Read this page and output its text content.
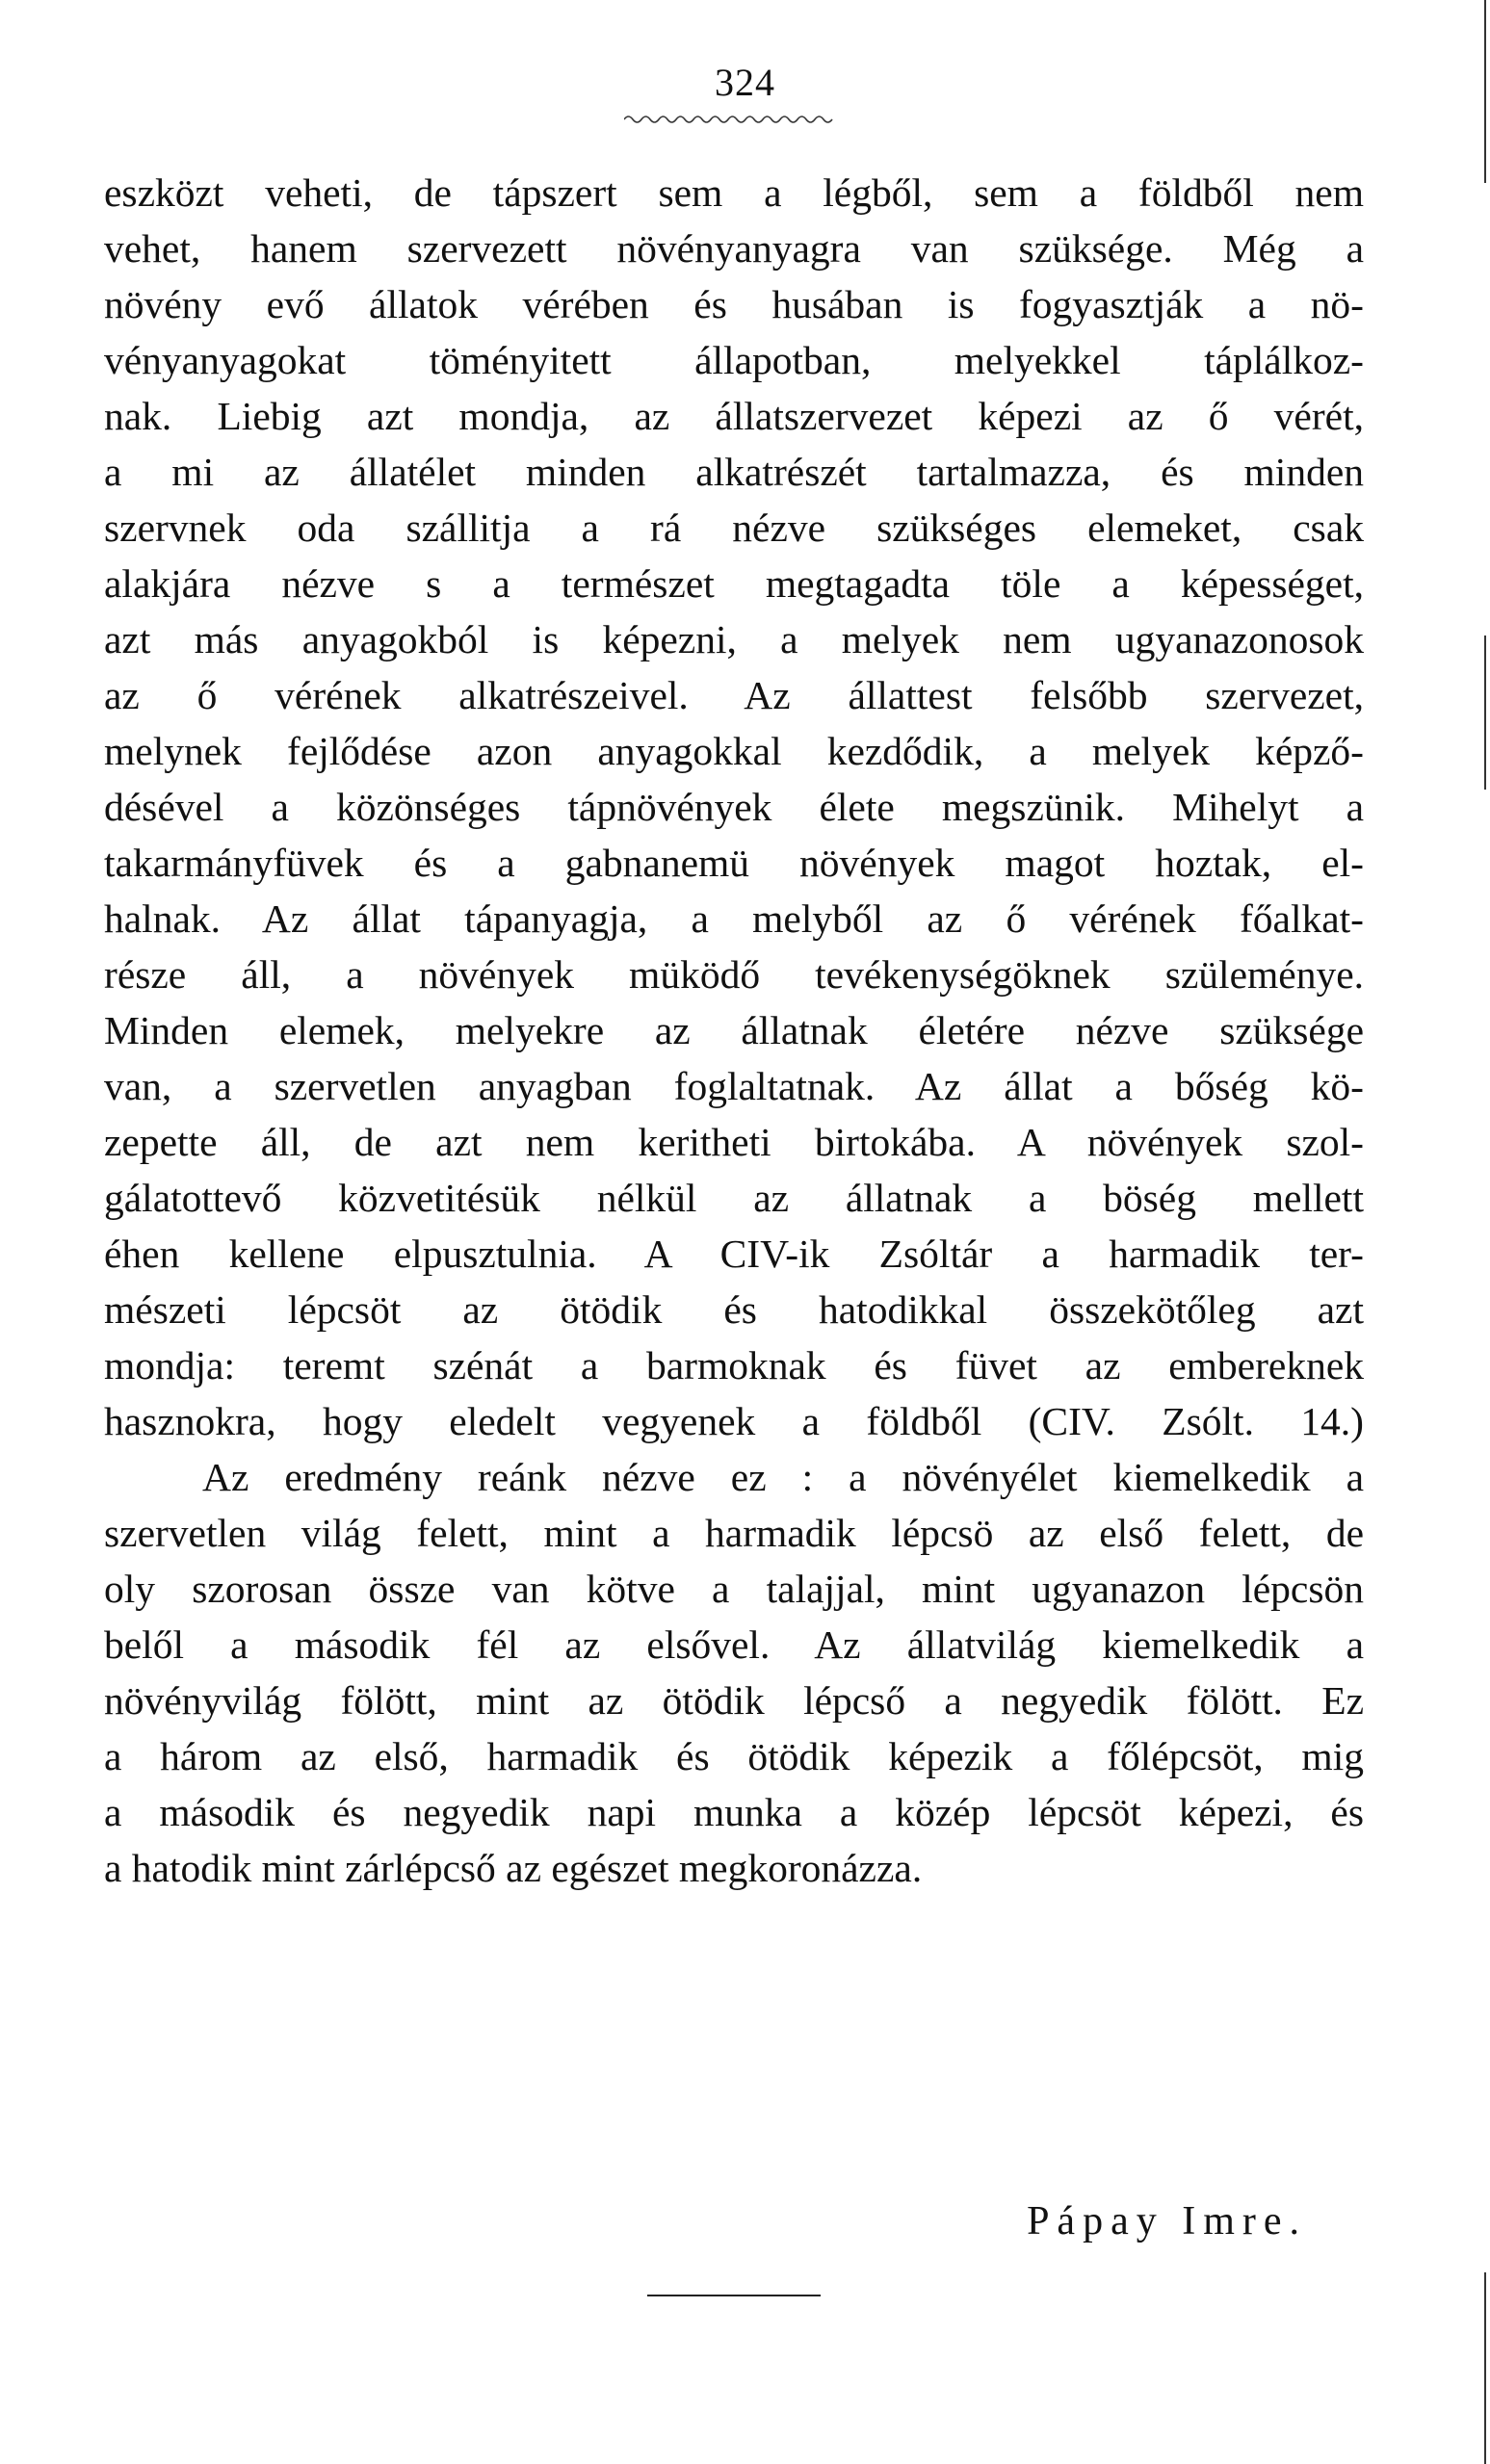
324
eszközt veheti, de tápszert sem a légből, sem a földből nem
vehet, hanem szervezett növényanyagra van szüksége. Még a
növény evő állatok vérében és husában is fogyasztják a nö-
vényanyagokat töményitett állapotban, melyekkel táplálkoz-
nak. Liebig azt mondja, az állatszervezet képezi az ő vérét,
a mi az állatélet minden alkatrészét tartalmazza, és minden
szervnek oda szállitja a rá nézve szükséges elemeket, csak
alakjára nézve s a természet megtagadta töle a képességet,
azt más anyagokból is képezni, a melyek nem ugyanazonosok
az ő vérének alkatrészeivel. Az állattest felsőbb szervezet,
melynek fejlődése azon anyagokkal kezdődik, a melyek képző-
désével a közönséges tápnövények élete megszünik. Mihelyt a
takarmányfüvek és a gabnanemü növények magot hoztak, el-
halnak. Az állat tápanyagja, a melyből az ő vérének főalkat-
része áll, a növények müködő tevékenységöknek szüleménye.
Minden elemek, melyekre az állatnak életére nézve szüksége
van, a szervetlen anyagban foglaltatnak. Az állat a bőség kö-
zepette áll, de azt nem keritheti birtokába. A növények szol-
gálatottevő közvetitésük nélkül az állatnak a böség mellett
éhen kellene elpusztulnia. A CIV-ik Zsóltár a harmadik ter-
mészeti lépcsöt az ötödik és hatodikkal összekötőleg azt
mondja: teremt szénát a barmoknak és füvet az embereknek
hasznokra, hogy eledelt vegyenek a földből (CIV. Zsólt. 14.)
Az eredmény reánk nézve ez : a növényélet kiemelkedik a
szervetlen világ felett, mint a harmadik lépcsö az első felett, de
oly szorosan össze van kötve a talajjal, mint ugyanazon lépcsön
belől a második fél az elsővel. Az állatvilág kiemelkedik a
növényvilág fölött, mint az ötödik lépcső a negyedik fölött. Ez
a három az első, harmadik és ötödik képezik a főlépcsöt, mig
a második és negyedik napi munka a közép lépcsöt képezi, és
a hatodik mint zárlépcső az egészet megkoronázza.
Pápay Imre.
